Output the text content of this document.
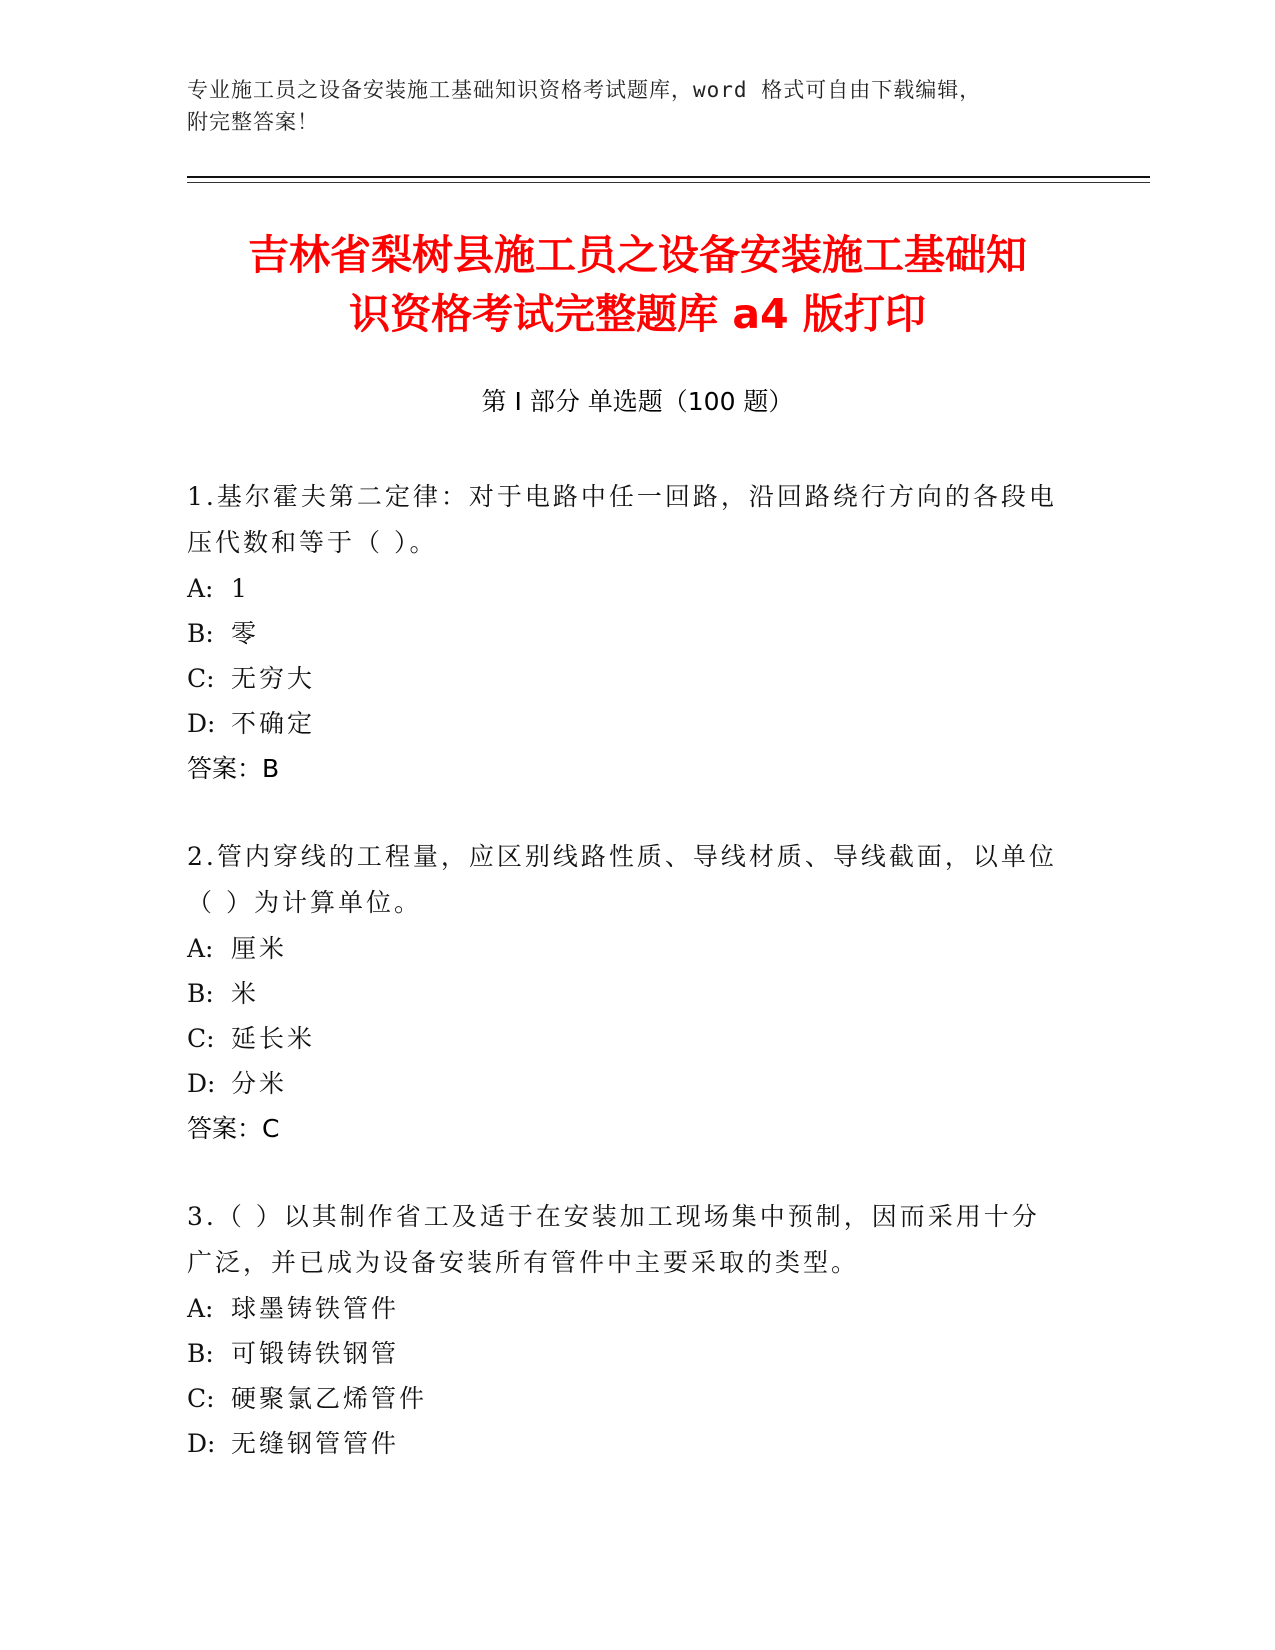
专业施工员之设备安装施工基础知识资格考试题库，word 格式可自由下载编辑，
附完整答案！
吉林省梨树县施工员之设备安装施工基础知
识资格考试完整题库 a4 版打印
第 I 部分 单选题（100 题）
1.基尔霍夫第二定律：对于电路中任一回路，沿回路绕行方向的各段电压代数和等于（ ）。
A: 1
B: 零
C: 无穷大
D: 不确定
答案：B
2.管内穿线的工程量，应区别线路性质、导线材质、导线截面，以单位（ ）为计算单位。
A: 厘米
B: 米
C: 延长米
D: 分米
答案：C
3.（ ）以其制作省工及适于在安装加工现场集中预制，因而采用十分广泛，并已成为设备安装所有管件中主要采取的类型。
A: 球墨铸铁管件
B: 可锻铸铁钢管
C: 硬聚氯乙烯管件
D: 无缝钢管管件
